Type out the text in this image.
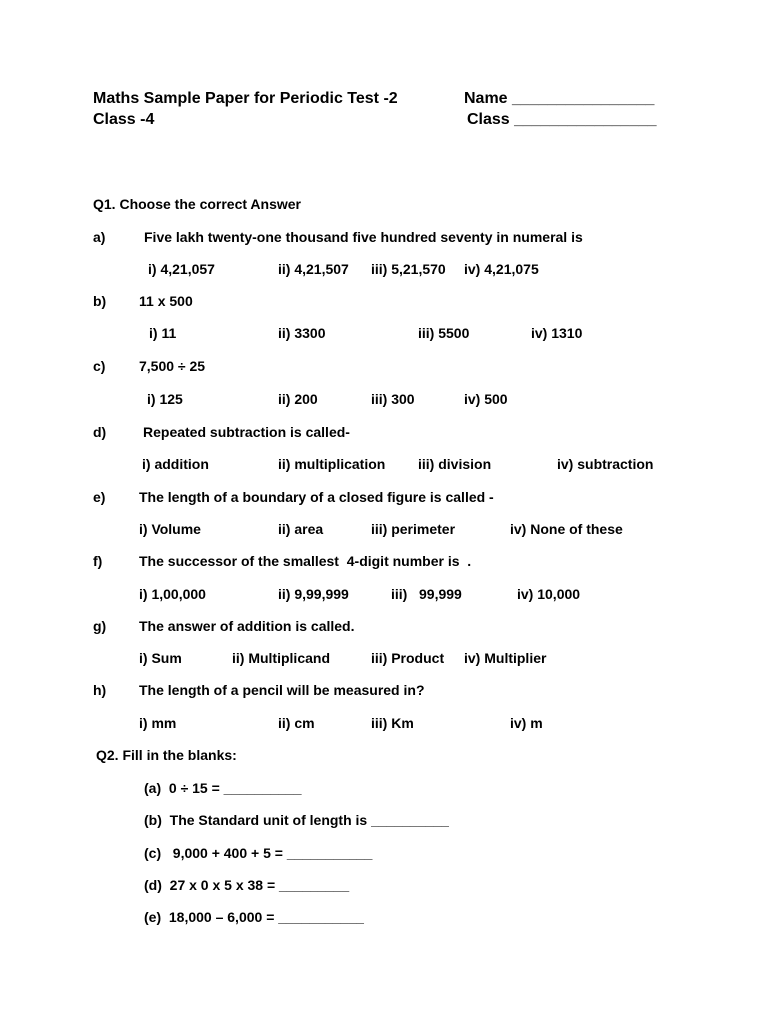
Maths Sample Paper for Periodic Test -2
Class -4
Name ________________
Class ________________
Q1. Choose the correct Answer
a)	Five lakh twenty-one thousand five hundred seventy in numeral is
i) 4,21,057	ii) 4,21,507 iii) 5,21,570 iv) 4,21,075
b) 11 x 500
i) 11	ii) 3300	iii) 5500	iv) 1310
c) 7,500 ÷ 25
i) 125	ii) 200	iii) 300	iv) 500
d)	Repeated subtraction is called-
i) addition	ii) multiplication iii) division	iv) subtraction
e) The length of a boundary of a closed figure is called -
i) Volume	ii) area	iii) perimeter	iv) None of these
f)	The successor of the smallest  4-digit number is  .
i) 1,00,000	ii) 9,99,999	iii)   99,999	iv) 10,000
g) The answer of addition is called.
i) Sum	ii) Multiplicand	iii) Product iv) Multiplier
h) The length of a pencil will be measured in?
i) mm	ii) cm	iii) Km	iv) m
Q2. Fill in the blanks:
(a)  0 ÷ 15 = __________
(b)  The Standard unit of length is __________
(c)   9,000 + 400 + 5 = ___________
(d)  27 x 0 x 5 x 38 = _________
(e)  18,000 – 6,000 = ___________
